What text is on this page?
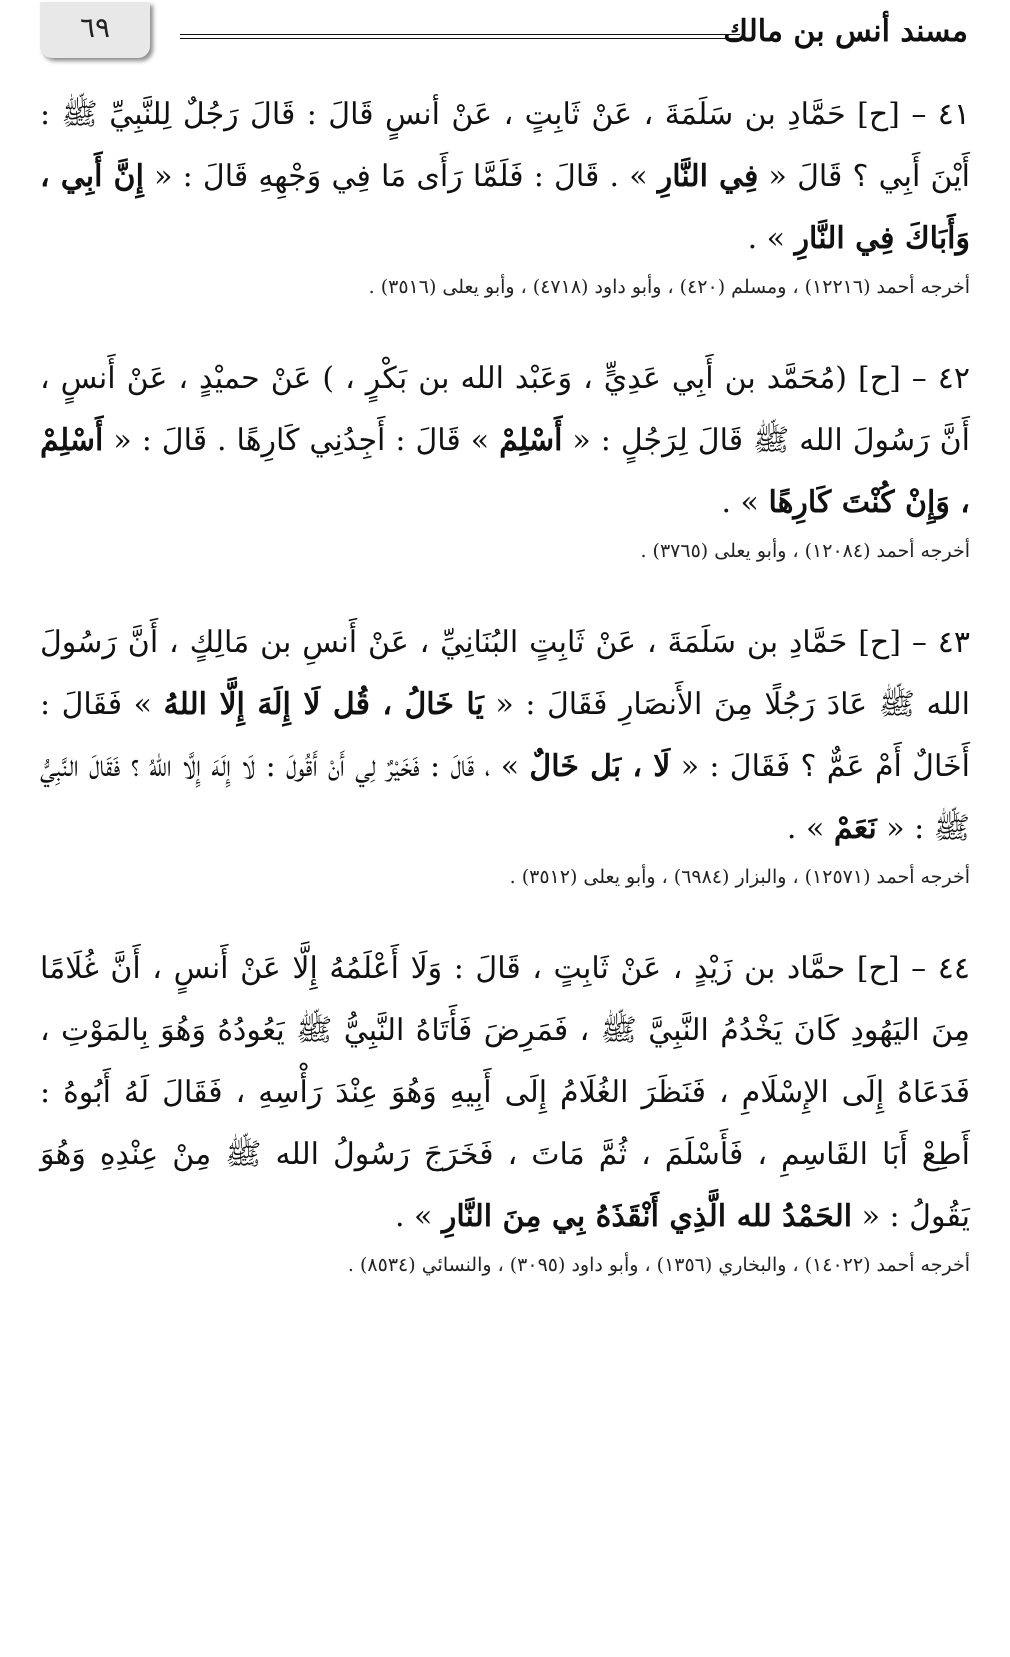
٦٩	مسند أنس بن مالك

٤١ – [ح] حَمَّادِ بن سَلَمَةَ ، عَنْ ثَابِتٍ ، عَنْ أنسٍ قَالَ : قَالَ رَجُلٌ لِلنَّبِيِّ ﷺ : أَيْنَ أَبِي ؟ قَالَ « فِي النَّارِ » . قَالَ : فَلَمَّا رَأَى مَا فِي وَجْهِهِ قَالَ : « إِنَّ أَبِي ، وَأَبَاكَ فِي النَّارِ » .

أخرجه أحمد (١٢٢١٦) ، ومسلم (٤٢٠) ، وأبو داود (٤٧١٨) ، وأبو يعلى (٣٥١٦) .

٤٢ – [ح] (مُحَمَّد بن أَبِي عَدِيٍّ ، وَعَبْد الله بن بَكْرٍ ، ) عَنْ حميْدٍ ، عَنْ أَنسٍ ، أَنَّ رَسُولَ الله ﷺ قَالَ لِرَجُلٍ : « أَسْلِمْ » قَالَ : أَجِدُنِي كَارِهًا . قَالَ : « أَسْلِمْ ، وَإِنْ كُنْتَ كَارِهًا » .

أخرجه أحمد (١٢٠٨٤) ، وأبو يعلى (٣٧٦٥) .

٤٣ – [ح] حَمَّادِ بن سَلَمَةَ ، عَنْ ثَابِتٍ البُنَانِيِّ ، عَنْ أَنسِ بن مَالِكٍ ، أَنَّ رَسُولَ الله ﷺ عَادَ رَجُلًا مِنَ الأَنصَارِ فَقَالَ : « يَا خَالُ ، قُل لَا إِلَهَ إِلَّا اللهُ » فَقَالَ : أَخَالٌ أَمْ عَمٌّ ؟ فَقَالَ : « لَا ، بَل خَالٌ » ، قَالَ : فَخَيْرٌ لِي أَنْ أَقُولَ : لَا إِلَهَ إِلَّا اللهُ ؟ فَقَالَ النَّبِيُّ ﷺ : « نَعَمْ » .

أخرجه أحمد (١٢٥٧١) ، والبزار (٦٩٨٤) ، وأبو يعلى (٣٥١٢) .

٤٤ – [ح] حمَّاد بن زَيْدٍ ، عَنْ ثَابِتٍ ، قَالَ : وَلَا أَعْلَمُهُ إِلَّا عَنْ أَنسٍ ، أَنَّ غُلَامًا مِنَ اليَهُودِ كَانَ يَخْدُمُ النَّبِيَّ ﷺ ، فَمَرِضَ فَأَتَاهُ النَّبِيُّ ﷺ يَعُودُهُ وَهُوَ بِالمَوْتِ ، فَدَعَاهُ إِلَى الإِسْلَامِ ، فَنَظَرَ الغُلَامُ إِلَى أَبِيهِ وَهُوَ عِنْدَ رَأْسِهِ ، فَقَالَ لَهُ أَبُوهُ : أَطِعْ أَبَا القَاسِمِ ، فَأَسْلَمَ ، ثُمَّ مَاتَ ، فَخَرَجَ رَسُولُ الله ﷺ مِنْ عِنْدِهِ وَهُوَ يَقُولُ : « الحَمْدُ لله الَّذِي أَنْقَذَهُ بِي مِنَ النَّارِ » .

أخرجه أحمد (١٤٠٢٢) ، والبخاري (١٣٥٦) ، وأبو داود (٣٠٩٥) ، والنسائي (٨٥٣٤) .
